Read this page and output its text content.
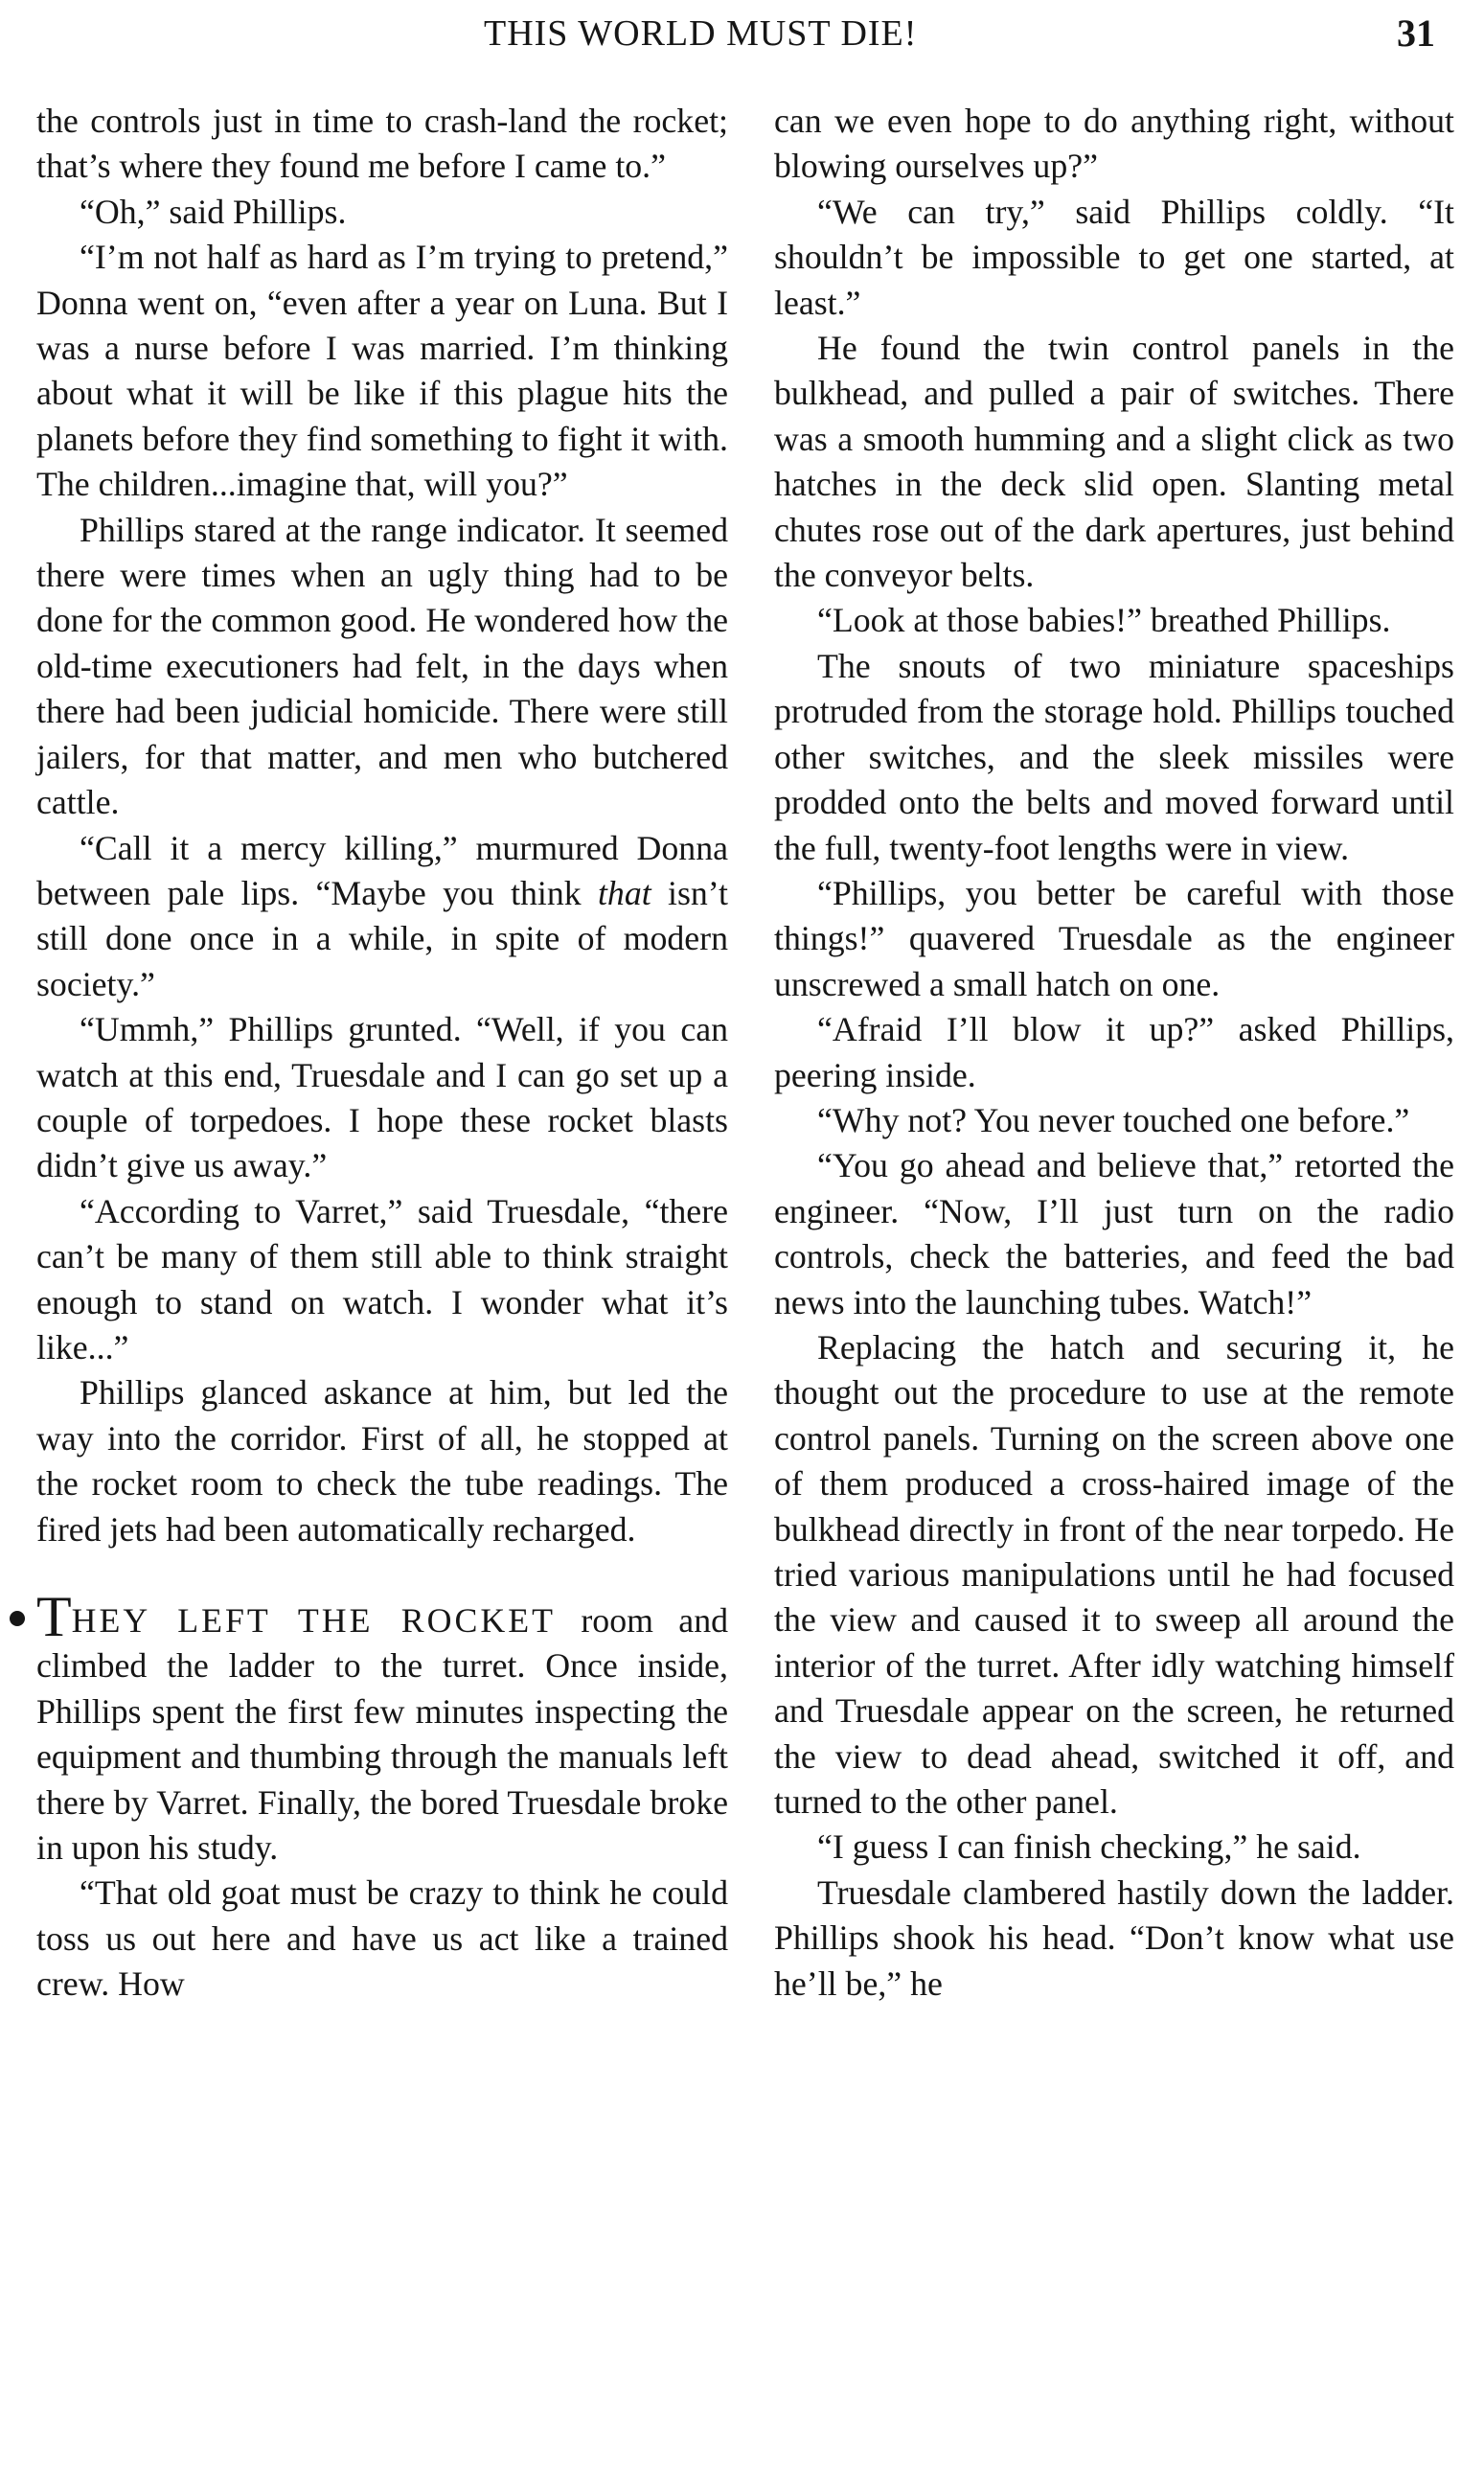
THIS WORLD MUST DIE!	31

the controls just in time to crash-land the rocket; that’s where they found me before I came to.”

“Oh,” said Phillips.

“I’m not half as hard as I’m trying to pretend,” Donna went on, “even after a year on Luna. But I was a nurse before I was married. I’m thinking about what it will be like if this plague hits the planets before they find something to fight it with. The children...imagine that, will you?”

Phillips stared at the range indicator. It seemed there were times when an ugly thing had to be done for the common good. He wondered how the old-time executioners had felt, in the days when there had been judicial homicide. There were still jailers, for that matter, and men who butchered cattle.

“Call it a mercy killing,” murmured Donna between pale lips. “Maybe you think that isn’t still done once in a while, in spite of modern society.”

“Ummh,” Phillips grunted. “Well, if you can watch at this end, Truesdale and I can go set up a couple of torpedoes. I hope these rocket blasts didn’t give us away.”

“According to Varret,” said Truesdale, “there can’t be many of them still able to think straight enough to stand on watch. I wonder what it’s like...”

Phillips glanced askance at him, but led the way into the corridor. First of all, he stopped at the rocket room to check the tube readings. The fired jets had been automatically recharged.

THEY LEFT THE ROCKET room and climbed the ladder to the turret. Once inside, Phillips spent the first few minutes inspecting the equipment and thumbing through the manuals left there by Varret. Finally, the bored Truesdale broke in upon his study.

“That old goat must be crazy to think he could toss us out here and have us act like a trained crew. How

can we even hope to do anything right, without blowing ourselves up?”

“We can try,” said Phillips coldly. “It shouldn’t be impossible to get one started, at least.”

He found the twin control panels in the bulkhead, and pulled a pair of switches. There was a smooth humming and a slight click as two hatches in the deck slid open. Slanting metal chutes rose out of the dark apertures, just behind the conveyor belts.

“Look at those babies!” breathed Phillips.

The snouts of two miniature spaceships protruded from the storage hold. Phillips touched other switches, and the sleek missiles were prodded onto the belts and moved forward until the full, twenty-foot lengths were in view.

“Phillips, you better be careful with those things!” quavered Truesdale as the engineer unscrewed a small hatch on one.

“Afraid I’ll blow it up?” asked Phillips, peering inside.

“Why not? You never touched one before.”

“You go ahead and believe that,” retorted the engineer. “Now, I’ll just turn on the radio controls, check the batteries, and feed the bad news into the launching tubes. Watch!”

Replacing the hatch and securing it, he thought out the procedure to use at the remote control panels. Turning on the screen above one of them produced a cross-haired image of the bulkhead directly in front of the near torpedo. He tried various manipulations until he had focused the view and caused it to sweep all around the interior of the turret. After idly watching himself and Truesdale appear on the screen, he returned the view to dead ahead, switched it off, and turned to the other panel.

“I guess I can finish checking,” he said.

Truesdale clambered hastily down the ladder. Phillips shook his head. “Don’t know what use he’ll be,” he
